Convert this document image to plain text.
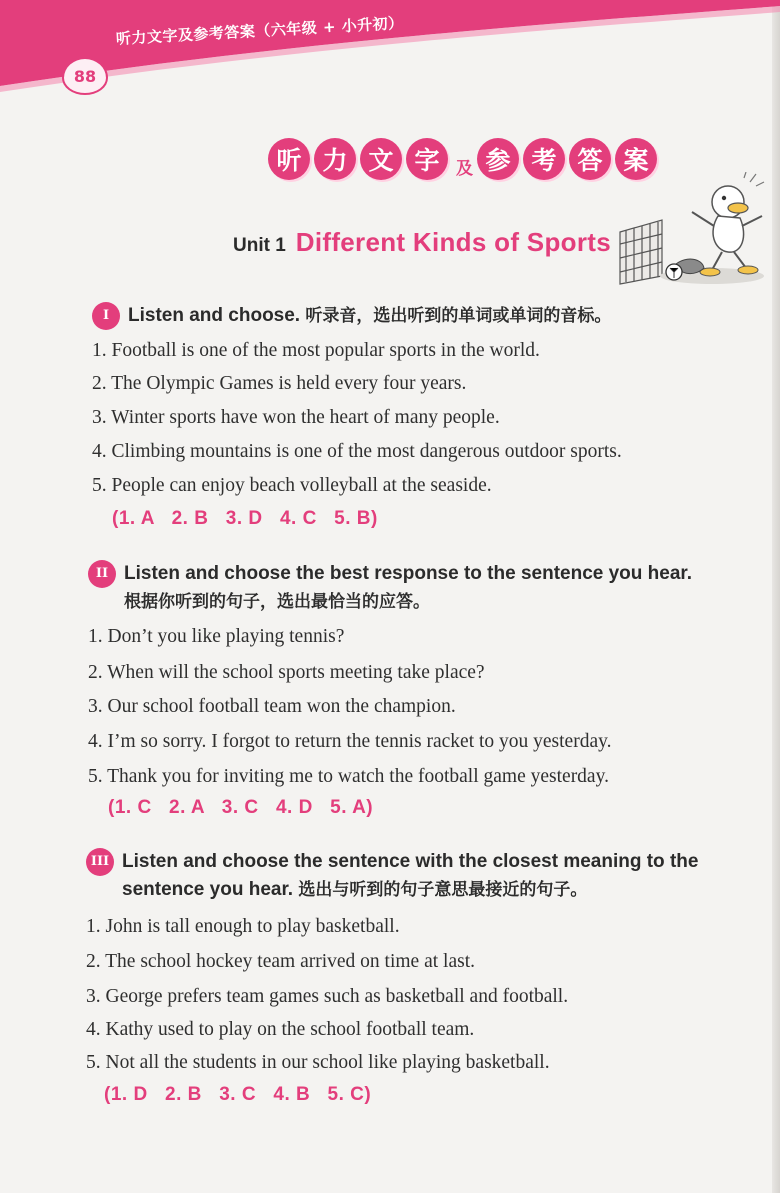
听力文字及参考答案（六年级 + 小升初）
88
听 力 文 字 及 参 考 答 案
Unit 1 Different Kinds of Sports
I Listen and choose. 听录音，选出听到的单词或单词的音标。
1. Football is one of the most popular sports in the world.
2. The Olympic Games is held every four years.
3. Winter sports have won the heart of many people.
4. Climbing mountains is one of the most dangerous outdoor sports.
5. People can enjoy beach volleyball at the seaside.
(1. A   2. B   3. D   4. C   5. B)
II Listen and choose the best response to the sentence you hear.
根据你听到的句子，选出最恰当的应答。
1. Don’t you like playing tennis?
2. When will the school sports meeting take place?
3. Our school football team won the champion.
4. I’m so sorry. I forgot to return the tennis racket to you yesterday.
5. Thank you for inviting me to watch the football game yesterday.
(1. C   2. A   3. C   4. D   5. A)
III Listen and choose the sentence with the closest meaning to the
sentence you hear. 选出与听到的句子意思最接近的句子。
1. John is tall enough to play basketball.
2. The school hockey team arrived on time at last.
3. George prefers team games such as basketball and football.
4. Kathy used to play on the school football team.
5. Not all the students in our school like playing basketball.
(1. D   2. B   3. C   4. B   5. C)
